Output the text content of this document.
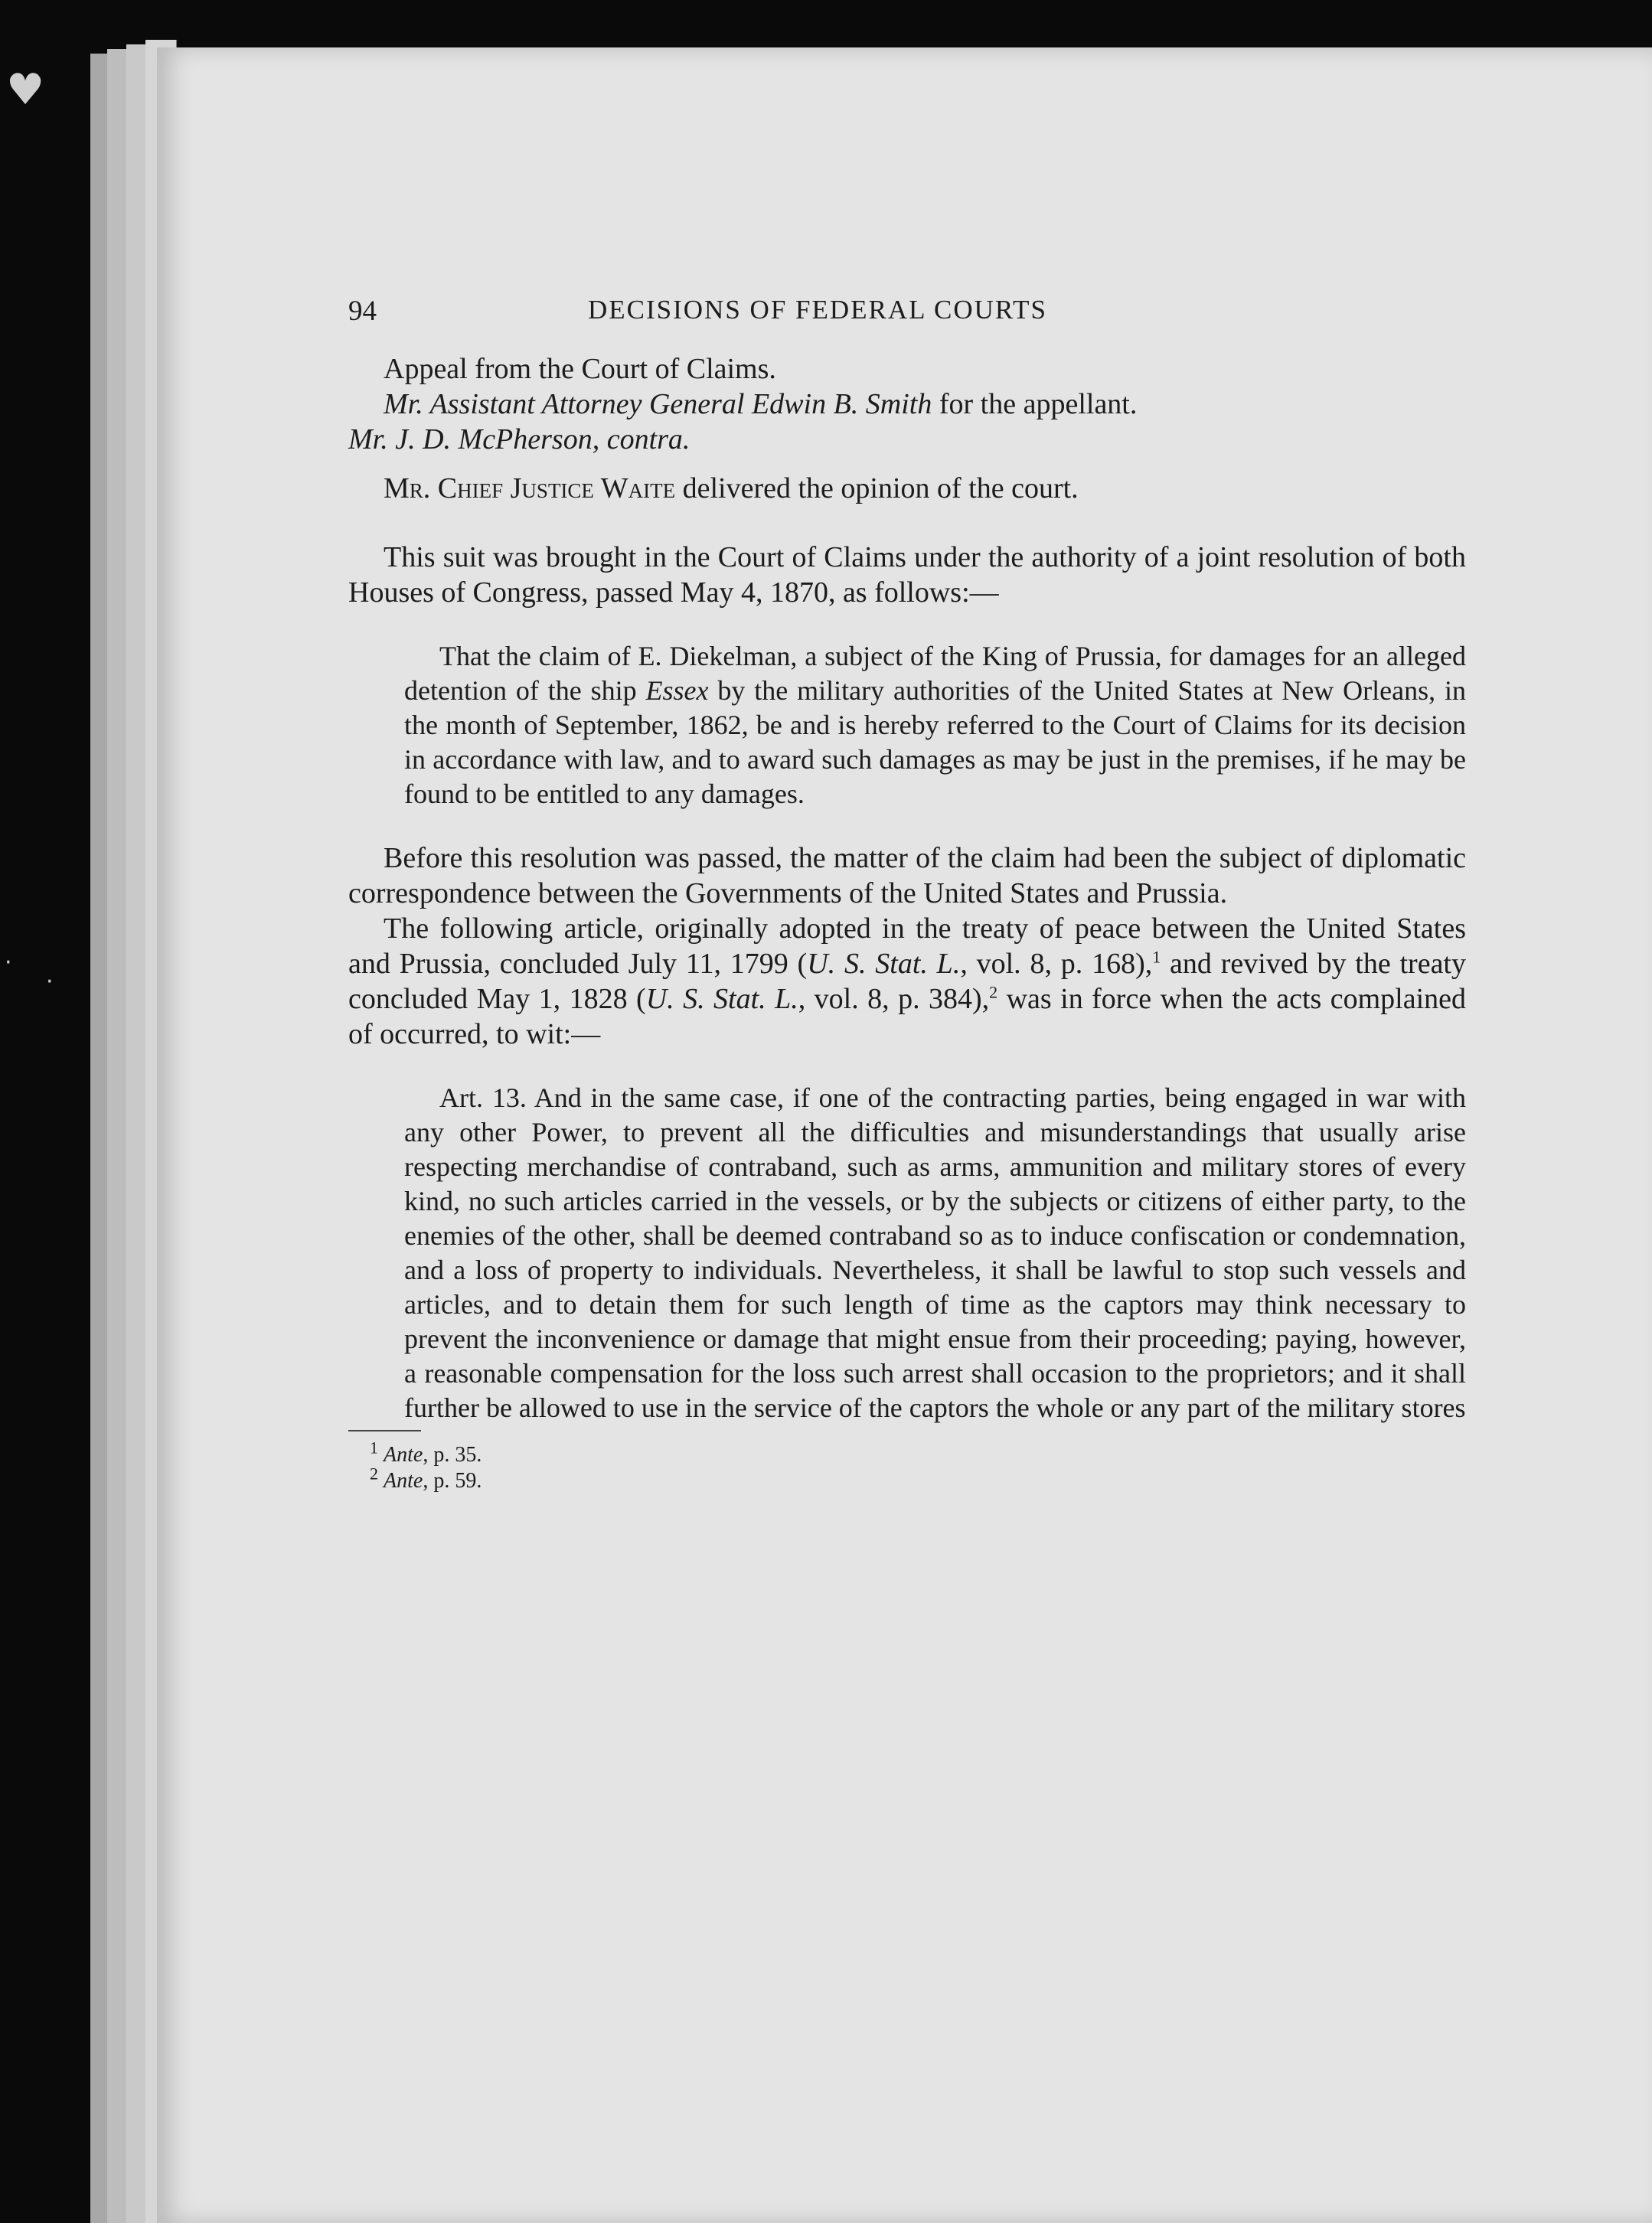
♥
·
·
94	DECISIONS OF FEDERAL COURTS

Appeal from the Court of Claims.

Mr. Assistant Attorney General Edwin B. Smith for the appellant.

Mr. J. D. McPherson, contra.

Mr. Chief Justice Waite delivered the opinion of the court.

This suit was brought in the Court of Claims under the authority of a joint resolution of both Houses of Congress, passed May 4, 1870, as follows:—

That the claim of E. Diekelman, a subject of the King of Prussia, for damages for an alleged detention of the ship Essex by the military authorities of the United States at New Orleans, in the month of September, 1862, be and is hereby referred to the Court of Claims for its decision in accordance with law, and to award such damages as may be just in the premises, if he may be found to be entitled to any damages.

Before this resolution was passed, the matter of the claim had been the subject of diplomatic correspondence between the Governments of the United States and Prussia.

The following article, originally adopted in the treaty of peace between the United States and Prussia, concluded July 11, 1799 (U. S. Stat. L., vol. 8, p. 168),$^1$ and revived by the treaty concluded May 1, 1828 (U. S. Stat. L., vol. 8, p. 384),$^2$ was in force when the acts complained of occurred, to wit:—

Art. 13. And in the same case, if one of the contracting parties, being engaged in war with any other Power, to prevent all the difficulties and misunderstandings that usually arise respecting merchandise of contraband, such as arms, ammunition and military stores of every kind, no such articles carried in the vessels, or by the subjects or citizens of either party, to the enemies of the other, shall be deemed contraband so as to induce confiscation or condemnation, and a loss of property to individuals. Nevertheless, it shall be lawful to stop such vessels and articles, and to detain them for such length of time as the captors may think necessary to prevent the inconvenience or damage that might ensue from their proceeding; paying, however, a reasonable compensation for the loss such arrest shall occasion to the proprietors; and it shall further be allowed to use in the service of the captors the whole or any part of the military stores

$^1$ Ante, p. 35.

$^2$ Ante, p. 59.
